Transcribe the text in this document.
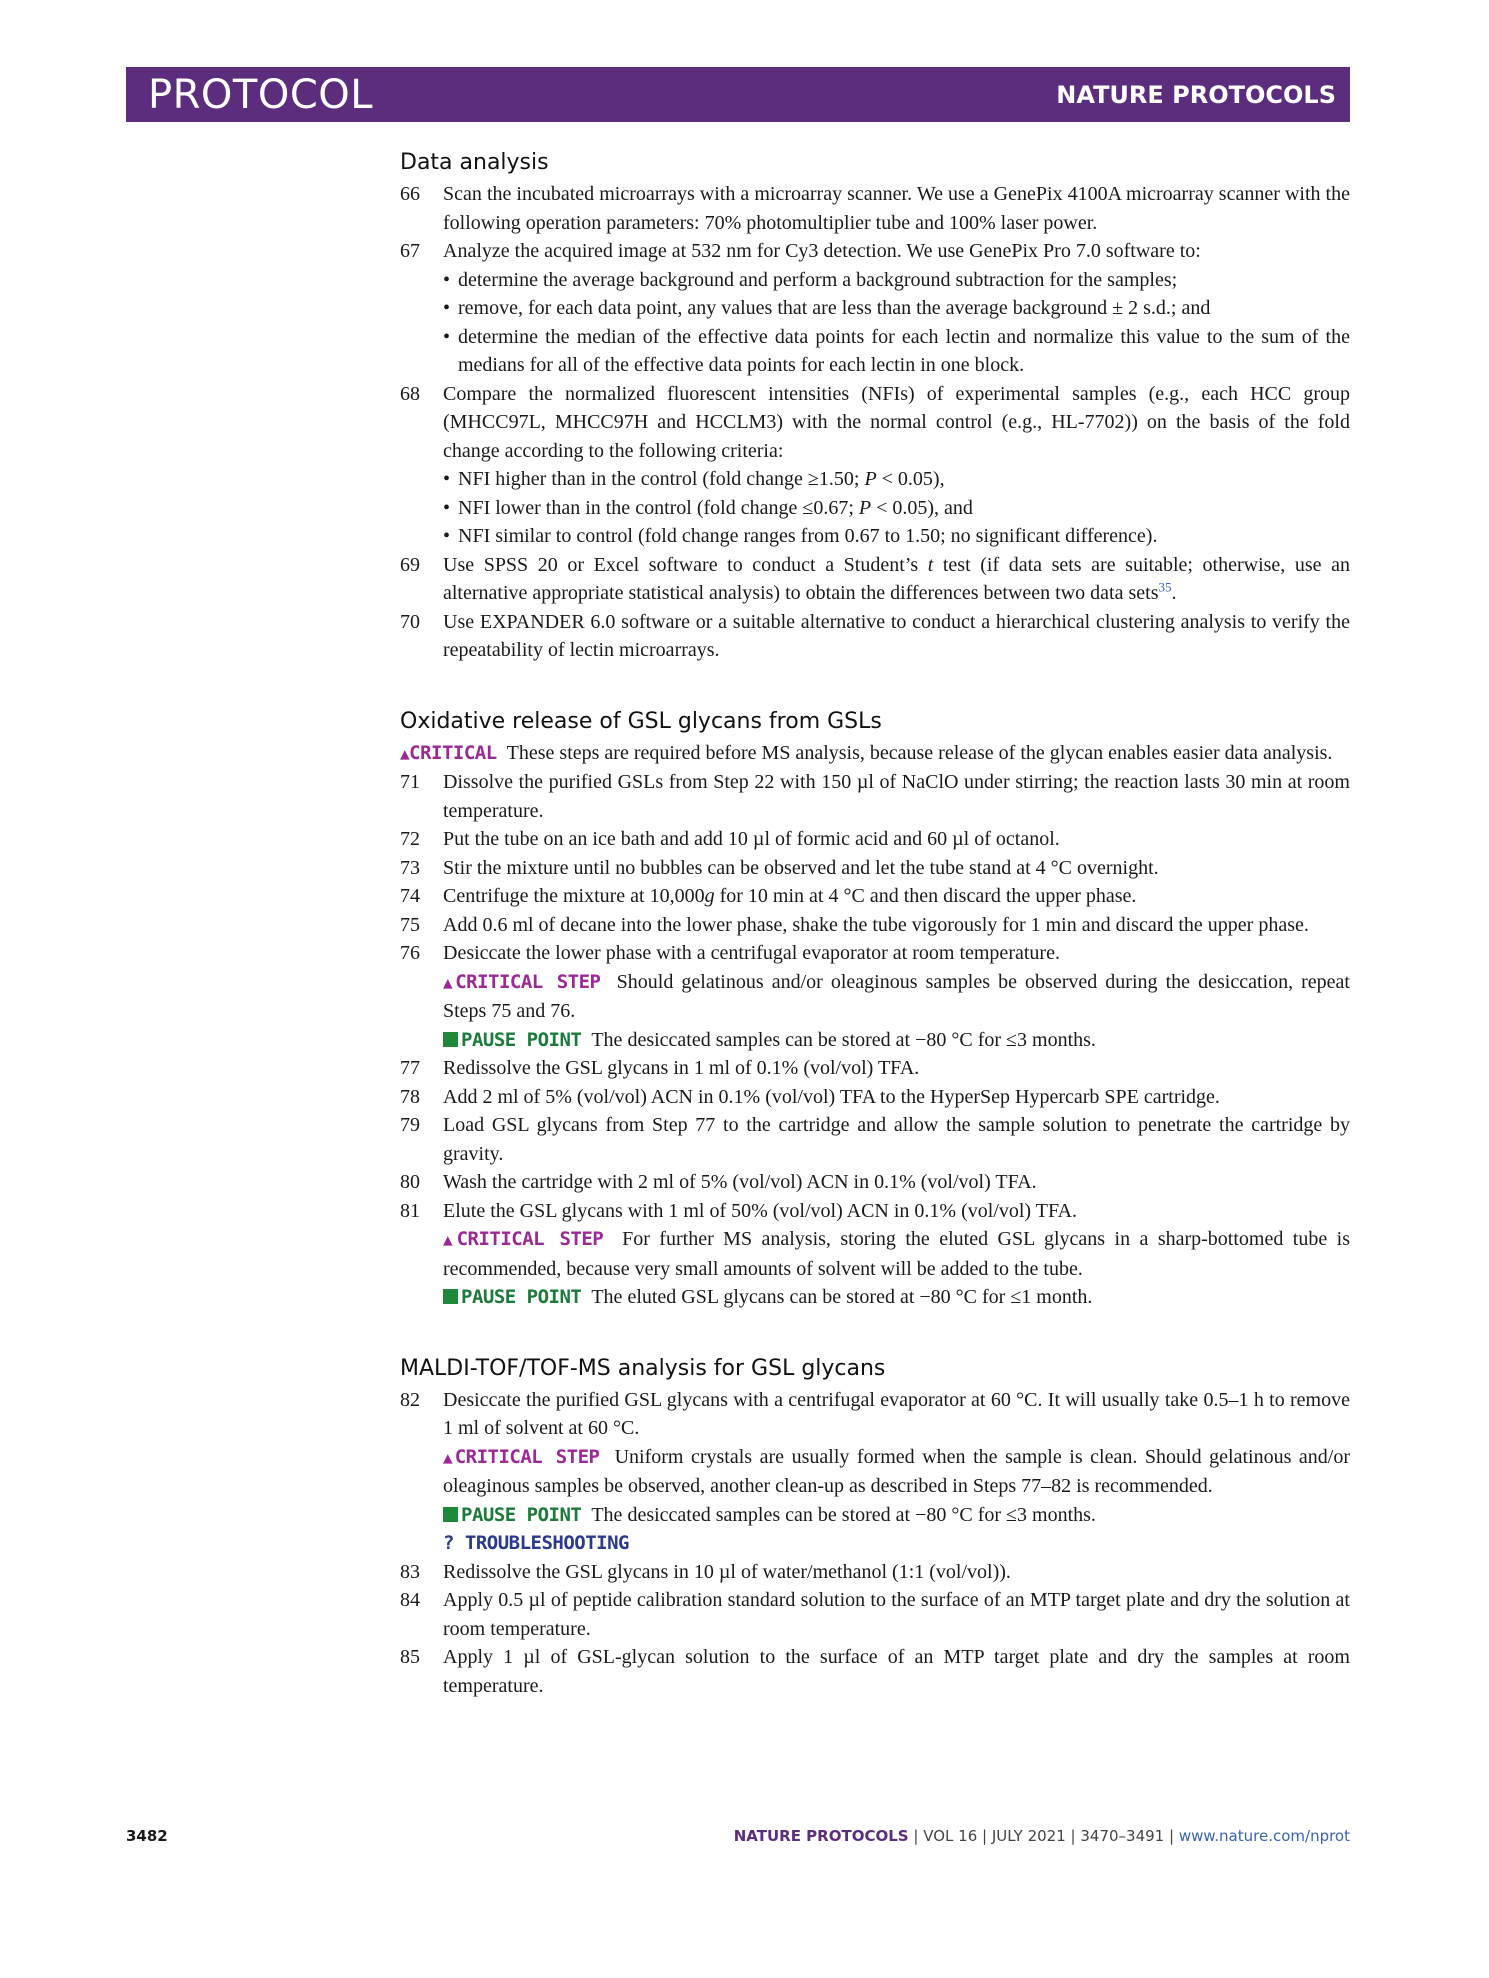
PROTOCOL	NATURE PROTOCOLS
Data analysis
66 Scan the incubated microarrays with a microarray scanner. We use a GenePix 4100A microarray scanner with the following operation parameters: 70% photomultiplier tube and 100% laser power.
67 Analyze the acquired image at 532 nm for Cy3 detection. We use GenePix Pro 7.0 software to:
• determine the average background and perform a background subtraction for the samples;
• remove, for each data point, any values that are less than the average background ± 2 s.d.; and
• determine the median of the effective data points for each lectin and normalize this value to the sum of the medians for all of the effective data points for each lectin in one block.
68 Compare the normalized fluorescent intensities (NFIs) of experimental samples (e.g., each HCC group (MHCC97L, MHCC97H and HCCLM3) with the normal control (e.g., HL-7702)) on the basis of the fold change according to the following criteria:
• NFI higher than in the control (fold change ≥1.50; P < 0.05),
• NFI lower than in the control (fold change ≤0.67; P < 0.05), and
• NFI similar to control (fold change ranges from 0.67 to 1.50; no significant difference).
69 Use SPSS 20 or Excel software to conduct a Student’s t test (if data sets are suitable; otherwise, use an alternative appropriate statistical analysis) to obtain the differences between two data sets$^{35}$.
70 Use EXPANDER 6.0 software or a suitable alternative to conduct a hierarchical clustering analysis to verify the repeatability of lectin microarrays.
Oxidative release of GSL glycans from GSLs
▲CRITICAL These steps are required before MS analysis, because release of the glycan enables easier data analysis.
71 Dissolve the purified GSLs from Step 22 with 150 µl of NaClO under stirring; the reaction lasts 30 min at room temperature.
72 Put the tube on an ice bath and add 10 µl of formic acid and 60 µl of octanol.
73 Stir the mixture until no bubbles can be observed and let the tube stand at 4 °C overnight.
74 Centrifuge the mixture at 10,000g for 10 min at 4 °C and then discard the upper phase.
75 Add 0.6 ml of decane into the lower phase, shake the tube vigorously for 1 min and discard the upper phase.
76 Desiccate the lower phase with a centrifugal evaporator at room temperature.
▲CRITICAL STEP Should gelatinous and/or oleaginous samples be observed during the desiccation, repeat Steps 75 and 76.
PAUSE POINT The desiccated samples can be stored at −80 °C for ≤3 months.
77 Redissolve the GSL glycans in 1 ml of 0.1% (vol/vol) TFA.
78 Add 2 ml of 5% (vol/vol) ACN in 0.1% (vol/vol) TFA to the HyperSep Hypercarb SPE cartridge.
79 Load GSL glycans from Step 77 to the cartridge and allow the sample solution to penetrate the cartridge by gravity.
80 Wash the cartridge with 2 ml of 5% (vol/vol) ACN in 0.1% (vol/vol) TFA.
81 Elute the GSL glycans with 1 ml of 50% (vol/vol) ACN in 0.1% (vol/vol) TFA.
▲CRITICAL STEP For further MS analysis, storing the eluted GSL glycans in a sharp-bottomed tube is recommended, because very small amounts of solvent will be added to the tube.
PAUSE POINT The eluted GSL glycans can be stored at −80 °C for ≤1 month.
MALDI-TOF/TOF-MS analysis for GSL glycans
82 Desiccate the purified GSL glycans with a centrifugal evaporator at 60 °C. It will usually take 0.5–1 h to remove 1 ml of solvent at 60 °C.
▲CRITICAL STEP Uniform crystals are usually formed when the sample is clean. Should gelatinous and/or oleaginous samples be observed, another clean-up as described in Steps 77–82 is recommended.
PAUSE POINT The desiccated samples can be stored at −80 °C for ≤3 months.
? TROUBLESHOOTING
83 Redissolve the GSL glycans in 10 µl of water/methanol (1:1 (vol/vol)).
84 Apply 0.5 µl of peptide calibration standard solution to the surface of an MTP target plate and dry the solution at room temperature.
85 Apply 1 µl of GSL-glycan solution to the surface of an MTP target plate and dry the samples at room temperature.
3482	NATURE PROTOCOLS | VOL 16 | JULY 2021 | 3470–3491 | www.nature.com/nprot
